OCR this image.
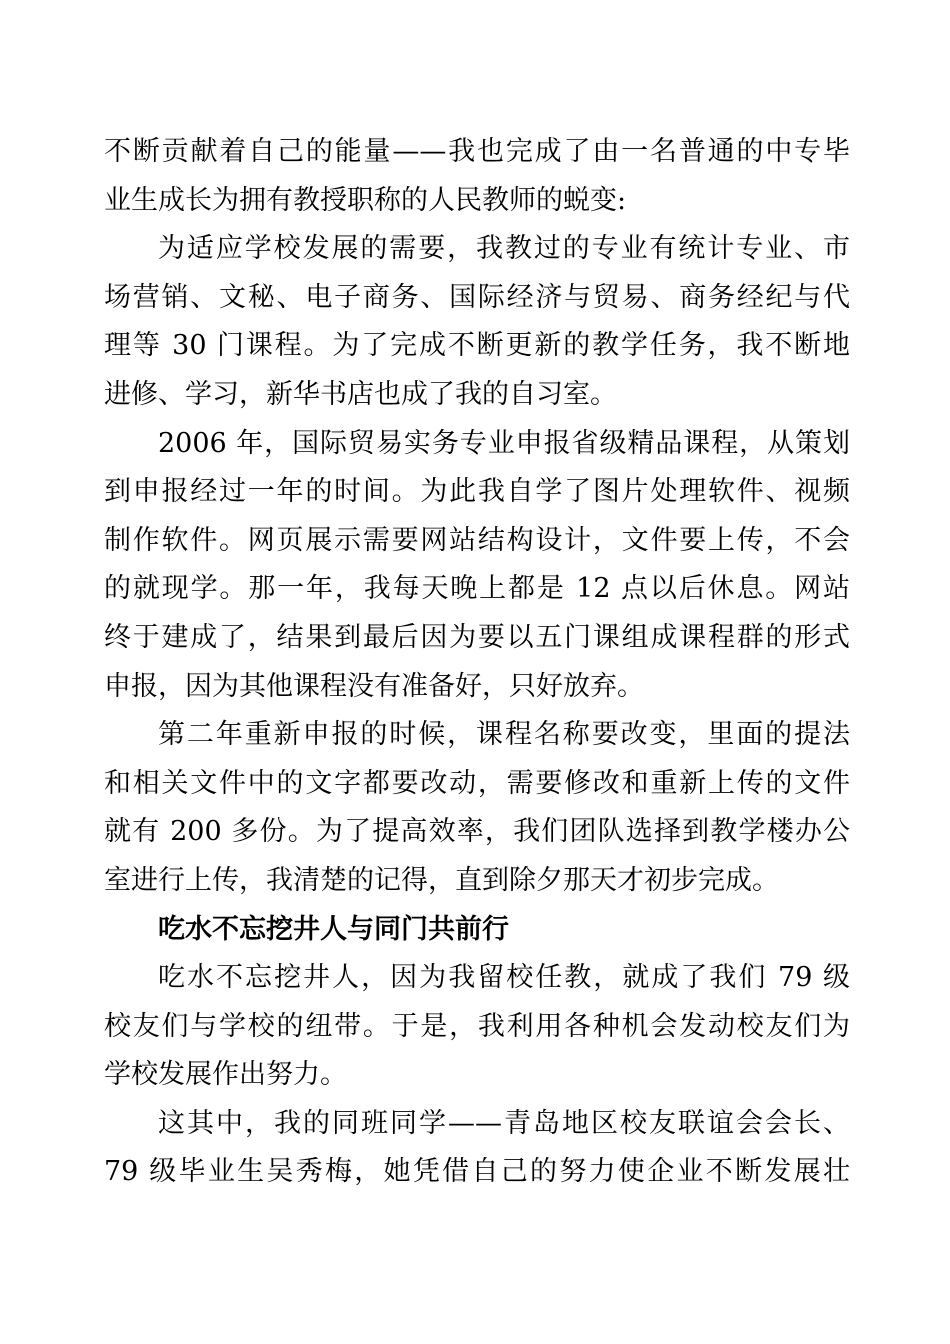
不断贡献着自己的能量——我也完成了由一名普通的中专毕
业生成长为拥有教授职称的人民教师的蜕变:
为适应学校发展的需要，我教过的专业有统计专业、市
场营销、文秘、电子商务、国际经济与贸易、商务经纪与代
理等 30 门课程。为了完成不断更新的教学任务，我不断地
进修、学习，新华书店也成了我的自习室。
2006 年，国际贸易实务专业申报省级精品课程，从策划
到申报经过一年的时间。为此我自学了图片处理软件、视频
制作软件。网页展示需要网站结构设计，文件要上传，不会
的就现学。那一年，我每天晚上都是 12 点以后休息。网站
终于建成了，结果到最后因为要以五门课组成课程群的形式
申报，因为其他课程没有准备好，只好放弃。
第二年重新申报的时候，课程名称要改变，里面的提法
和相关文件中的文字都要改动，需要修改和重新上传的文件
就有 200 多份。为了提高效率，我们团队选择到教学楼办公
室进行上传，我清楚的记得，直到除夕那天才初步完成。
吃水不忘挖井人与同门共前行
吃水不忘挖井人，因为我留校任教，就成了我们 79 级
校友们与学校的纽带。于是，我利用各种机会发动校友们为
学校发展作出努力。
这其中，我的同班同学——青岛地区校友联谊会会长、
79 级毕业生吴秀梅，她凭借自己的努力使企业不断发展壮
